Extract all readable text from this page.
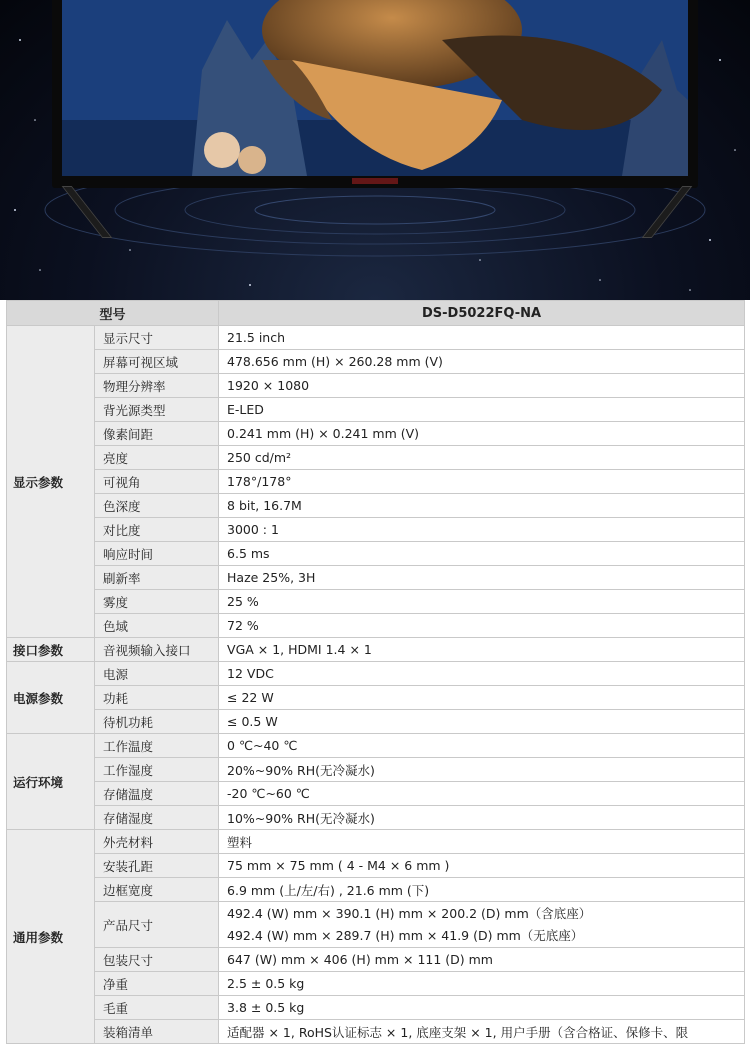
型号		DS-D5022FQ-NA
显示参数	显示尺寸	21.5 inch
	屏幕可视区域	478.656 mm (H) × 260.28 mm (V)
	物理分辨率	1920 × 1080
	背光源类型	E-LED
	像素间距	0.241 mm (H) × 0.241 mm (V)
	亮度	250 cd/m²
	可视角	178°/178°
	色深度	8 bit, 16.7M
	对比度	3000 : 1
	响应时间	6.5 ms
	刷新率	Haze 25%, 3H
	雾度	25 %
	色域	72 %
接口参数	音视频输入接口	VGA × 1, HDMI 1.4 × 1
电源参数	电源	12 VDC
	功耗	≤ 22 W
	待机功耗	≤ 0.5 W
运行环境	工作温度	0 ℃~40 ℃
	工作湿度	20%~90% RH(无冷凝水)
	存储温度	-20 ℃~60 ℃
	存储湿度	10%~90% RH(无冷凝水)
通用参数	外壳材料	塑料
	安装孔距	75 mm × 75 mm ( 4 - M4 × 6 mm )
	边框宽度	6.9 mm (上/左/右) , 21.6 mm (下)
	产品尺寸	492.4 (W) mm × 390.1 (H) mm × 200.2 (D) mm（含底座）
492.4 (W) mm × 289.7 (H) mm × 41.9 (D) mm（无底座）

	包装尺寸	647 (W) mm × 406 (H) mm × 111 (D) mm
	净重	2.5 ± 0.5 kg
	毛重	3.8 ± 0.5 kg
	装箱清单	适配器 × 1, RoHS认证标志 × 1, 底座支架 × 1, 用户手册（含合格证、保修卡、限
